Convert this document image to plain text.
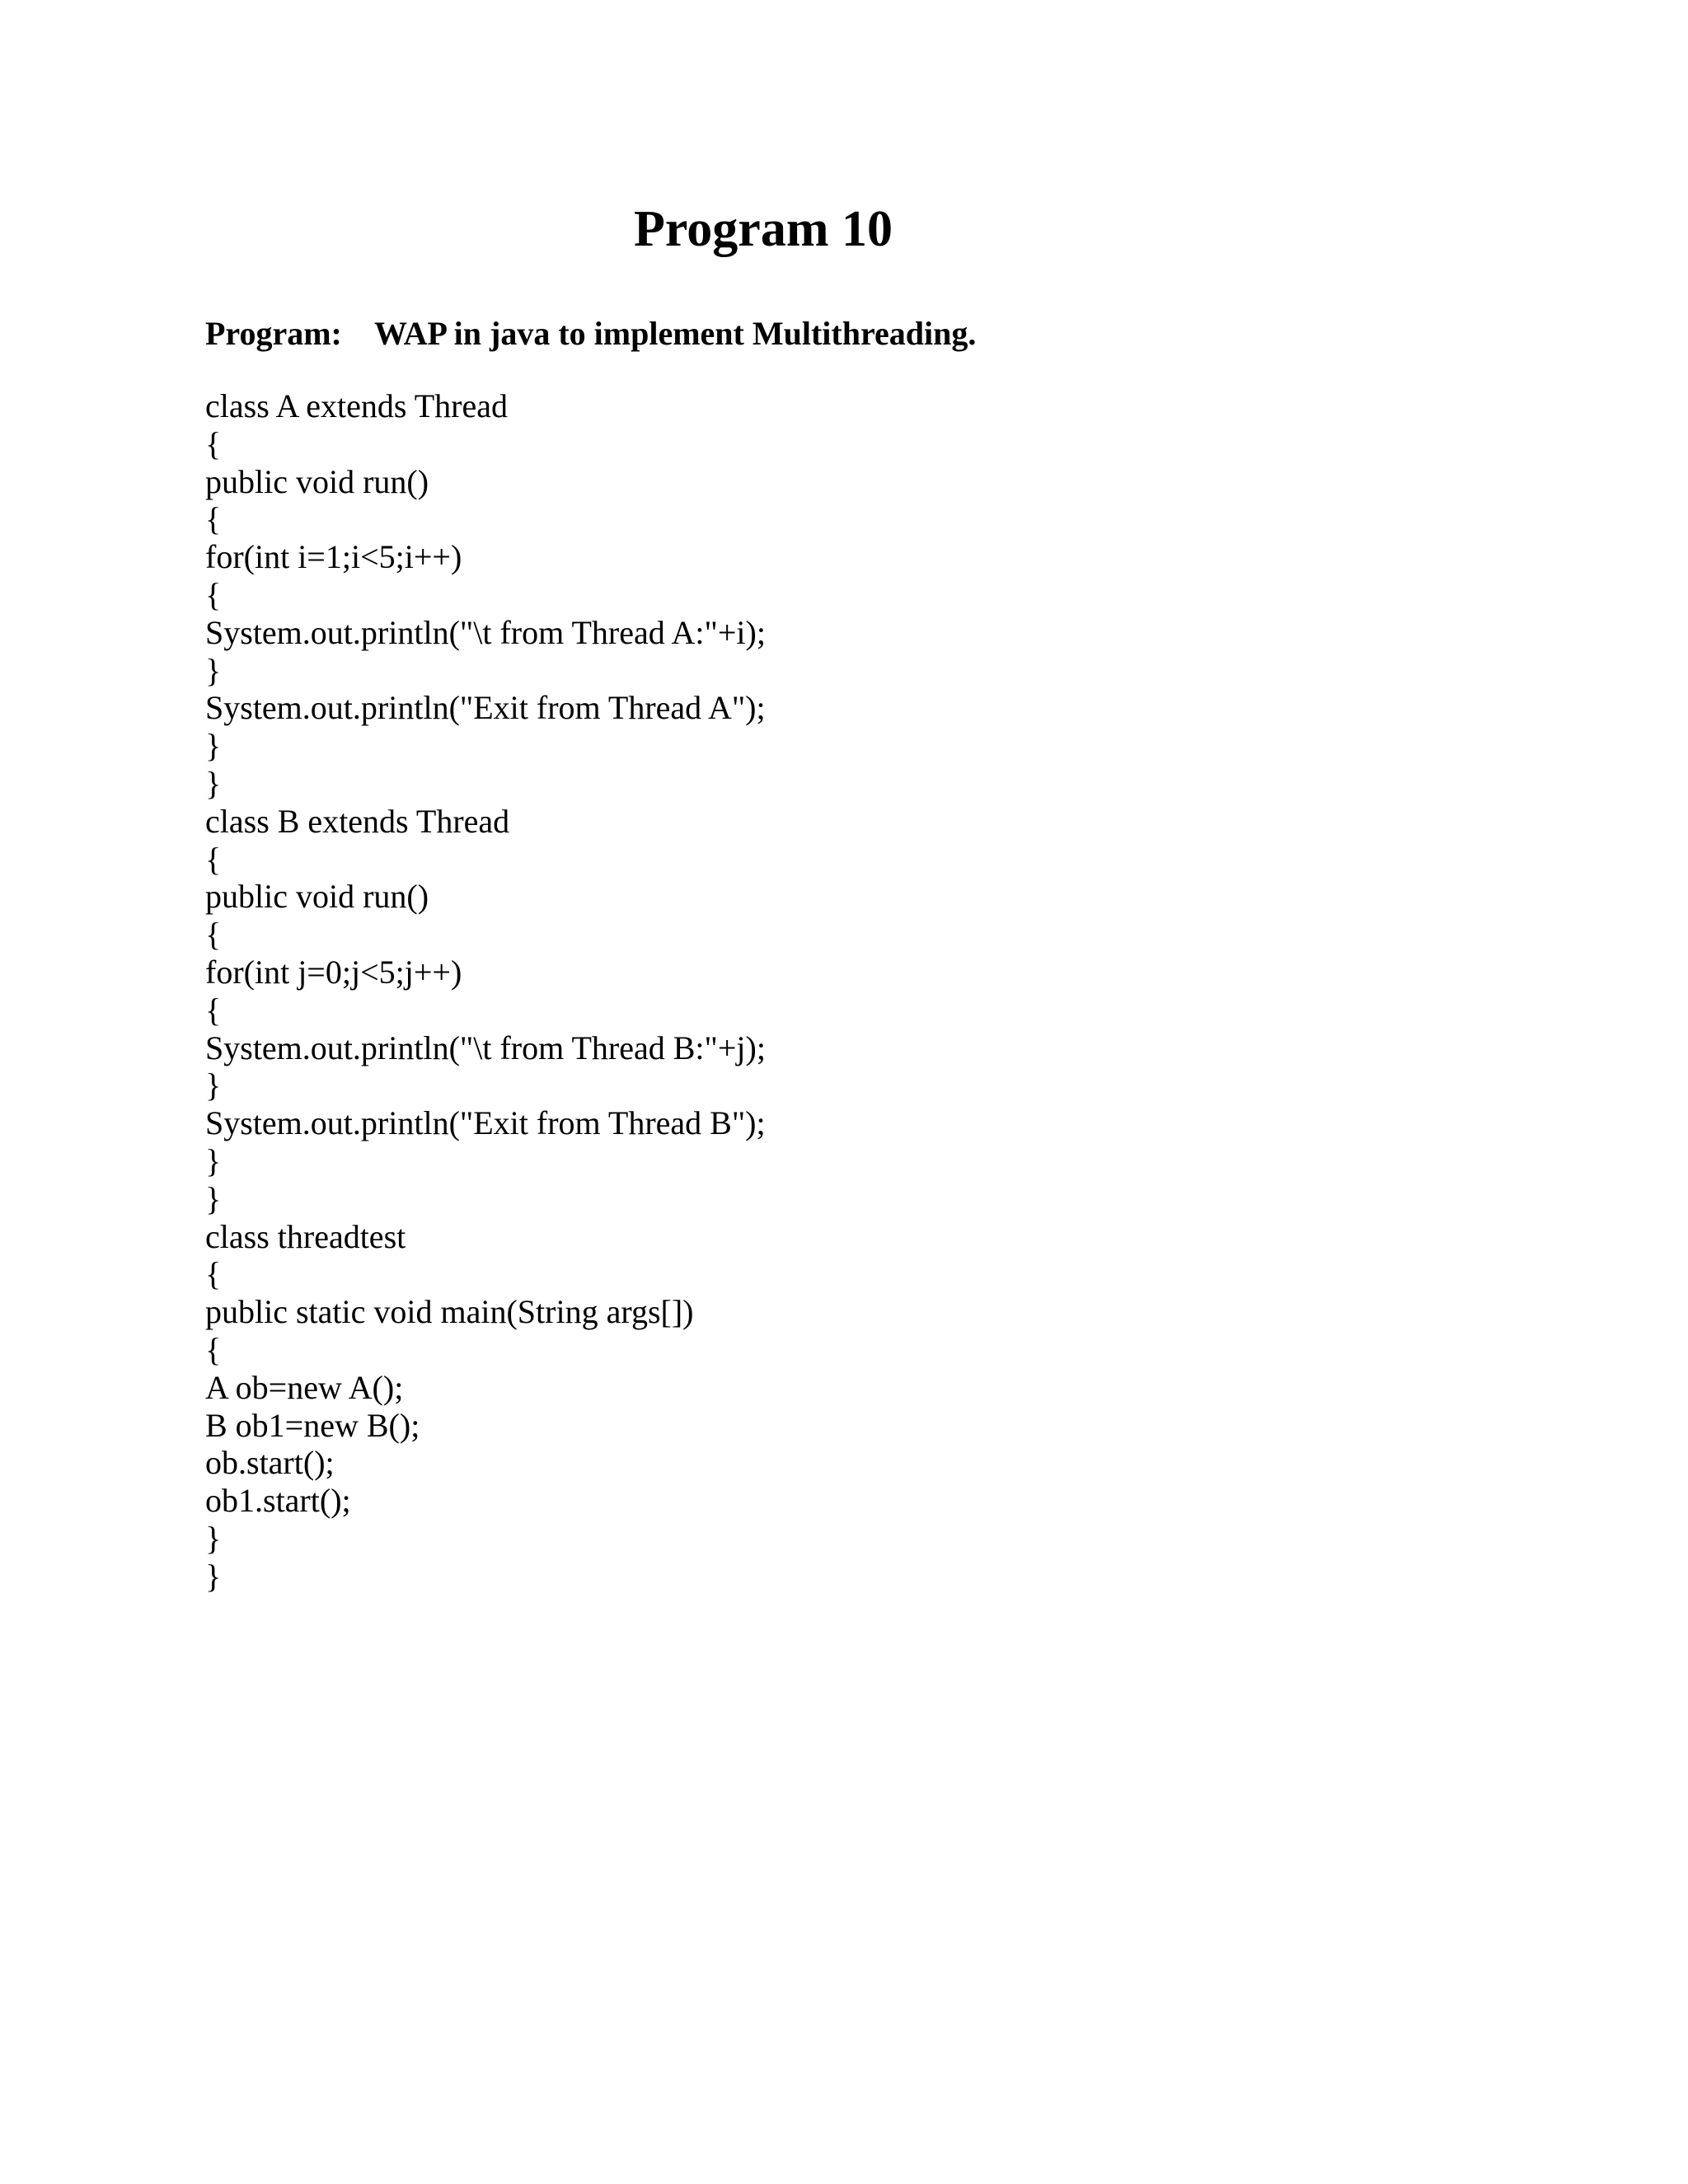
Program 10
Program: WAP in java to implement Multithreading.
class A extends Thread
{
public void run()
{
for(int i=1;i<5;i++)
{
System.out.println("\t from Thread A:"+i);
}
System.out.println("Exit from Thread A");
}
}
class B extends Thread
{
public void run()
{
for(int j=0;j<5;j++)
{
System.out.println("\t from Thread B:"+j);
}
System.out.println("Exit from Thread B");
}
}
class threadtest
{
public static void main(String args[])
{
A ob=new A();
B ob1=new B();
ob.start();
ob1.start();
}
}
